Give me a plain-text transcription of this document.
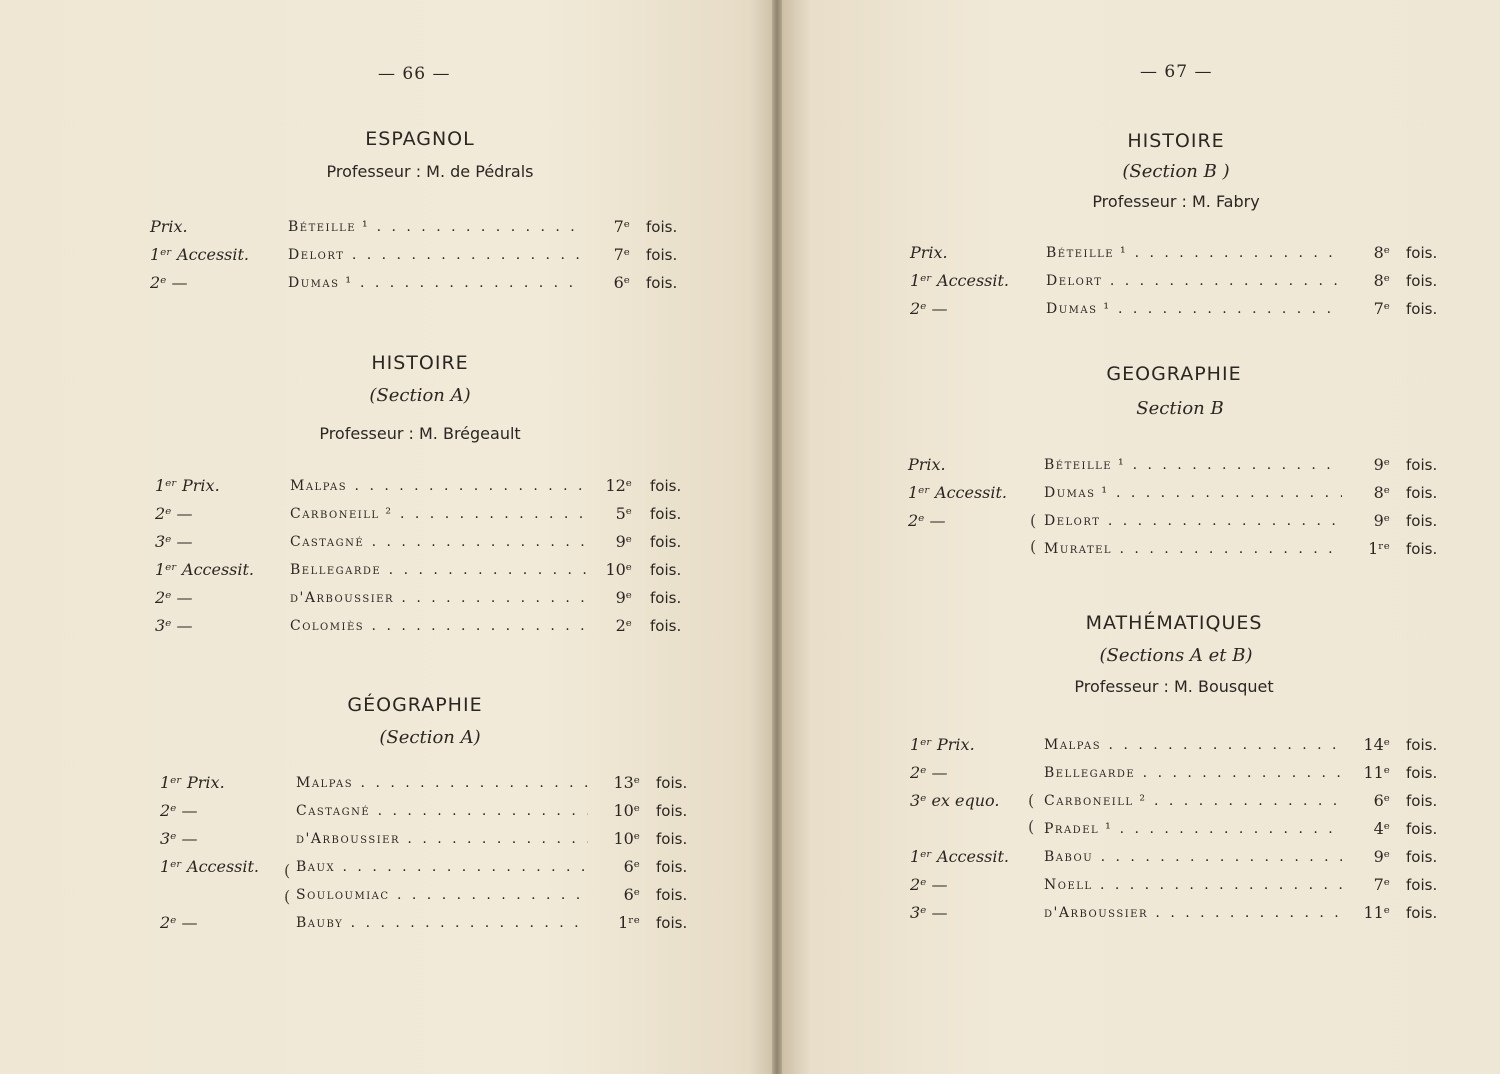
— 66 —
ESPAGNOL
Professeur : M. de Pédrals
HISTOIRE
(Section A)
Professeur : M. Brégeault
GÉOGRAPHIE
(Section A)
(
(
— 67 —
HISTOIRE
(Section B )
Professeur : M. Fabry
GEOGRAPHIE
Section B
(
(
MATHÉMATIQUES
(Sections A et B)
Professeur : M. Bousquet
(
(
Prix.	Béteille ¹ . . .	7ᵉ fois.
1ᵉʳ Accessit.	Delort . . .	7ᵉ fois.
2ᵉ —	Dumas ¹ . . .	6ᵉ fois.
1ᵉʳ Prix.	Malpas . . .	12ᵉ fois.
2ᵉ —	Carboneill ² . . .	5ᵉ fois.
3ᵉ —	Castagné . . .	9ᵉ fois.
1ᵉʳ Accessit.	Bellegarde . . .	10ᵉ fois.
2ᵉ —	d'Arboussier . . .	9ᵉ fois.
3ᵉ —	Colomiès . . .	2ᵉ fois.
1ᵉʳ Prix.	Malpas . . .	13ᵉ fois.
2ᵉ —	Castagné . . .	10ᵉ fois.
3ᵉ —	d'Arboussier . . .	10ᵉ fois.
1ᵉʳ Accessit.	Baux . . .	6ᵉ fois.
Souloumiac . . .	6ᵉ fois.
2ᵉ —	Bauby . . .	1ʳᵉ fois.
Prix.	Béteille ¹ . . .	8ᵉ fois.
1ᵉʳ Accessit.	Delort . . .	8ᵉ fois.
2ᵉ —	Dumas ¹ . . .	7ᵉ fois.
Prix.	Béteille ¹ . . .	9ᵉ fois.
1ᵉʳ Accessit.	Dumas ¹ . . .	8ᵉ fois.
2ᵉ —	Delort . . .	9ᵉ fois.
Muratel . . .	1ʳᵉ fois.
1ᵉʳ Prix.	Malpas . . .	14ᵉ fois.
2ᵉ —	Bellegarde . . .	11ᵉ fois.
3ᵉ ex equo.	Carboneill ² . . .	6ᵉ fois.
Pradel ¹ . . .	4ᵉ fois.
1ᵉʳ Accessit. Babou . . .	9ᵉ fois.
2ᵉ —	Noell . . .	7ᵉ fois.
3ᵉ —	d'Arboussier . . .	11ᵉ fois.
